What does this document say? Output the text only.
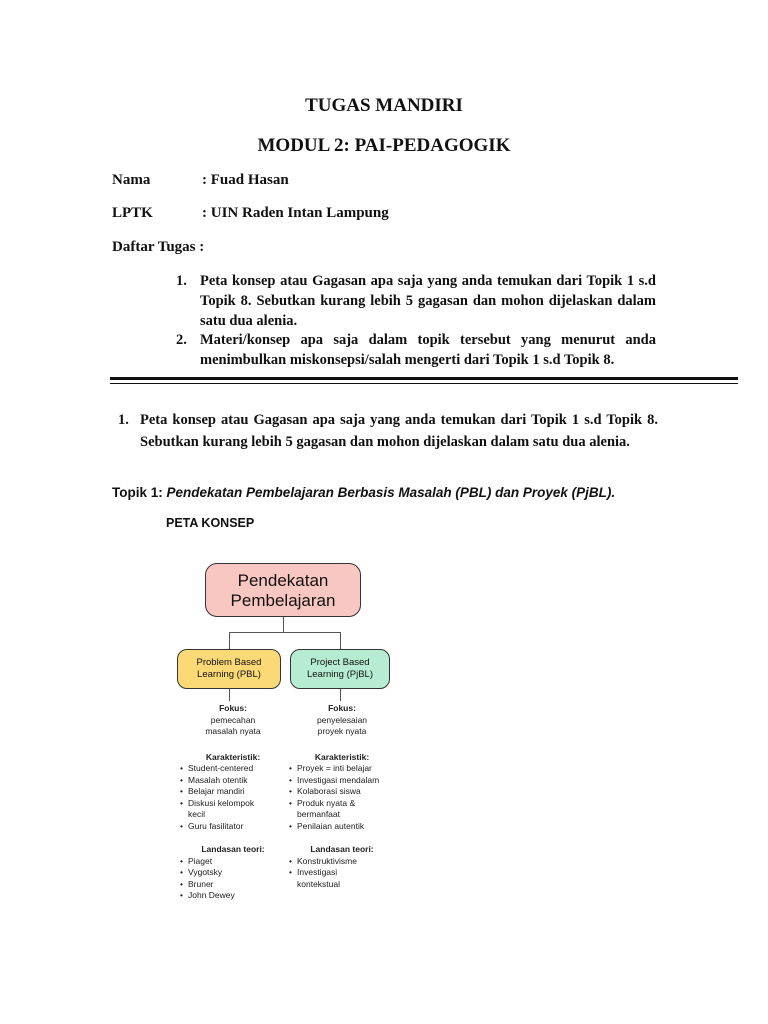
TUGAS MANDIRI
MODUL 2: PAI-PEDAGOGIK
Nama	: Fuad Hasan
LPTK	: UIN Raden Intan Lampung
Daftar Tugas :
1. Peta konsep atau Gagasan apa saja yang anda temukan dari Topik 1 s.d Topik 8. Sebutkan kurang lebih 5 gagasan dan mohon dijelaskan dalam satu dua alenia.
2. Materi/konsep apa saja dalam topik tersebut yang menurut anda menimbulkan miskonsepsi/salah mengerti dari Topik 1 s.d Topik 8.
1. Peta konsep atau Gagasan apa saja yang anda temukan dari Topik 1 s.d Topik 8. Sebutkan kurang lebih 5 gagasan dan mohon dijelaskan dalam satu dua alenia.
Topik 1: Pendekatan Pembelajaran Berbasis Masalah (PBL) dan Proyek (PjBL).
PETA KONSEP
Pendekatan
Pembelajaran
Problem Based
Learning (PBL)
Project Based
Learning (PjBL)
Fokus:
pemecahan
masalah nyata
Karakteristik:
• Student-centered
• Masalah otentik
• Belajar mandiri
• Diskusi kelompok kecil
• Guru fasilitator
Landasan teori:
• Piaget
• Vygotsky
• Bruner
• John Dewey
Fokus:
penyelesaian
proyek nyata
Karakteristik:
• Proyek = inti belajar
• Investigasi mendalam
• Kolaborasi siswa
• Produk nyata & bermanfaat
• Penilaian autentik
Landasan teori:
• Konstruktivisme
• Investigasi kontekstual
